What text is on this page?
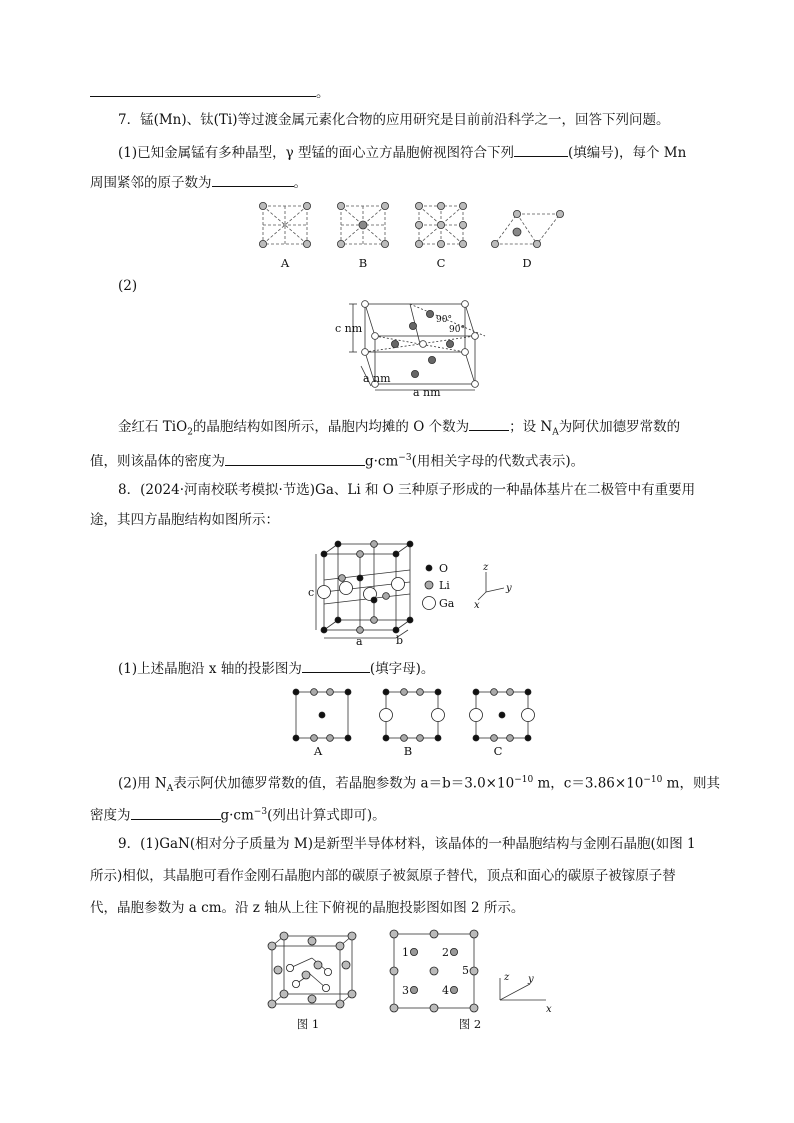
。
7．锰(Mn)、钛(Ti)等过渡金属元素化合物的应用研究是目前前沿科学之一，回答下列问题。
(1)已知金属锰有多种晶型，γ 型锰的面心立方晶胞俯视图符合下列	(填编号)，每个 Mn
周围紧邻的原子数为	。
A	B	C	D
(2)
c nm
90°
90°
a nm
a nm
金红石 TiO$_2$的晶胞结构如图所示，晶胞内均摊的 O 个数为	；设 $N_A$为阿伏加德罗常数的
值，则该晶体的密度为	$g\cdot cm^{-3}$(用相关字母的代数式表示)。
8．(2024·河南校联考模拟·节选)Ga、Li 和 O 三种原子形成的一种晶体基片在二极管中有重要用
途，其四方晶胞结构如图所示：
c
a	b
O
Li
Ga
z
y
x
(1)上述晶胞沿 x 轴的投影图为	(填字母)。
A	B	C
(2)用 $N_A$表示阿伏加德罗常数的值，若晶胞参数为 $a=b=3.0\times 10^{-10}$ m，$c=3.86\times 10^{-10}$ m，则其
密度为	$g\cdot cm^{-3}$(列出计算式即可)。
9．(1)GaN(相对分子质量为 M)是新型半导体材料，该晶体的一种晶胞结构与金刚石晶胞(如图 1
所示)相似，其晶胞可看作金刚石晶胞内部的碳原子被氮原子替代，顶点和面心的碳原子被镓原子替
代，晶胞参数为 a cm。沿 z 轴从上往下俯视的晶胞投影图如图 2 所示。
1	2
5
3	4
z y
x
图 1	图 2
